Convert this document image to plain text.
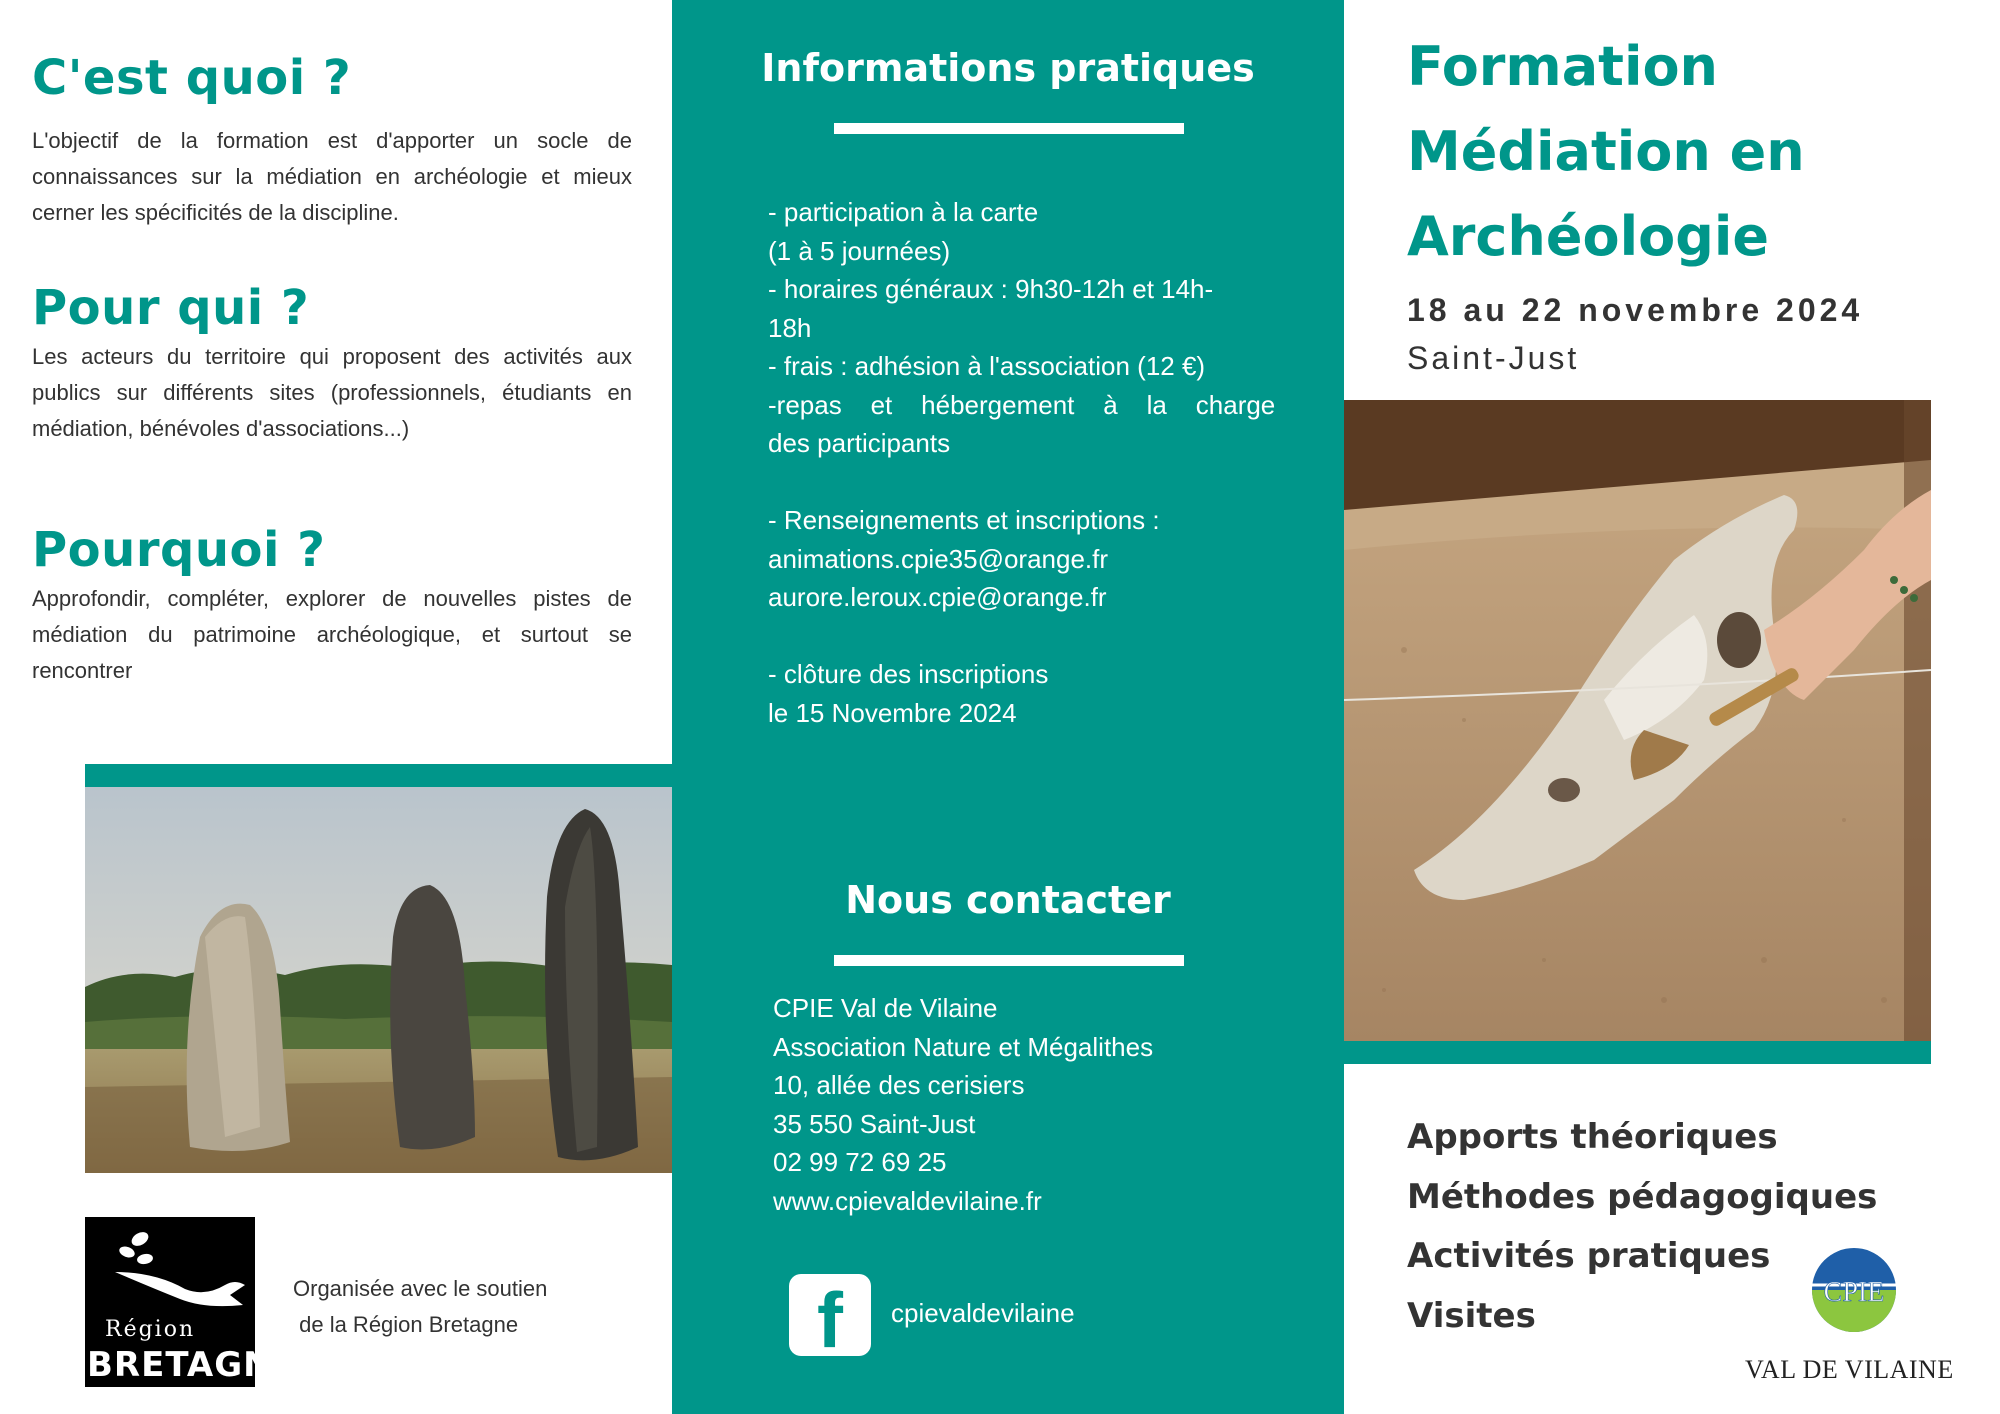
C'est quoi ?
L'objectif de la formation est d'apporter un socle de connaissances sur la médiation en archéologie et mieux cerner les spécificités de la discipline.
Pour qui ?
Les acteurs du territoire qui proposent des activités aux publics sur différents sites (professionnels, étudiants en médiation, bénévoles d'associations...)
Pourquoi ?
Approfondir, compléter, explorer de nouvelles pistes de médiation du patrimoine archéologique, et surtout se rencontrer
Région
BRETAGNE
Organisée avec le soutien
de la Région Bretagne
Informations pratiques
- participation à la carte
(1 à 5 journées)
- horaires généraux : 9h30-12h et 14h-
18h
- frais : adhésion à l'association (12 €)
-repas    et    hébergement    à    la    charge
des participants
- Renseignements et inscriptions :
animations.cpie35@orange.fr
aurore.leroux.cpie@orange.fr
- clôture des inscriptions
le 15 Novembre 2024
Nous contacter
CPIE Val de Vilaine
Association Nature et Mégalithes
10, allée des cerisiers
35 550 Saint-Just
02 99 72 69 25
www.cpievaldevilaine.fr
f	cpievaldevilaine
Formation
Médiation en
Archéologie
18 au 22 novembre 2024
Saint-Just
Apports théoriques
Méthodes pédagogiques
Activités pratiques
Visites
CPIE
VAL DE VILAINE
